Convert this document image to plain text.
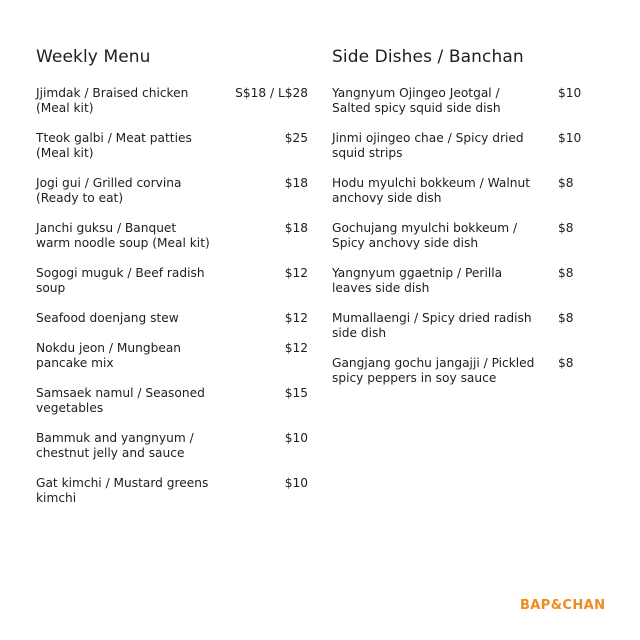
Weekly Menu
Jjimdak / Braised chicken
(Meal kit)
S$18 / L$28
Tteok galbi / Meat patties
(Meal kit)
$25
Jogi gui / Grilled corvina
(Ready to eat)
$18
Janchi guksu / Banquet
warm noodle soup (Meal kit)
$18
Sogogi muguk / Beef radish
soup
$12
Seafood doenjang stew	$12
Nokdu jeon / Mungbean
pancake mix
$12
Samsaek namul / Seasoned
vegetables
$15
Bammuk and yangnyum /
chestnut jelly and sauce
$10
Gat kimchi / Mustard greens
kimchi
$10
Side Dishes / Banchan
Yangnyum Ojingeo Jeotgal /
Salted spicy squid side dish
$10
Jinmi ojingeo chae / Spicy dried
squid strips
$10
Hodu myulchi bokkeum / Walnut
anchovy side dish
$8
Gochujang myulchi bokkeum /
Spicy anchovy side dish
$8
Yangnyum ggaetnip / Perilla
leaves side dish
$8
Mumallaengi / Spicy dried radish
side dish
$8
Gangjang gochu jangajji / Pickled
spicy peppers in soy sauce
$8
BAP&CHAN
